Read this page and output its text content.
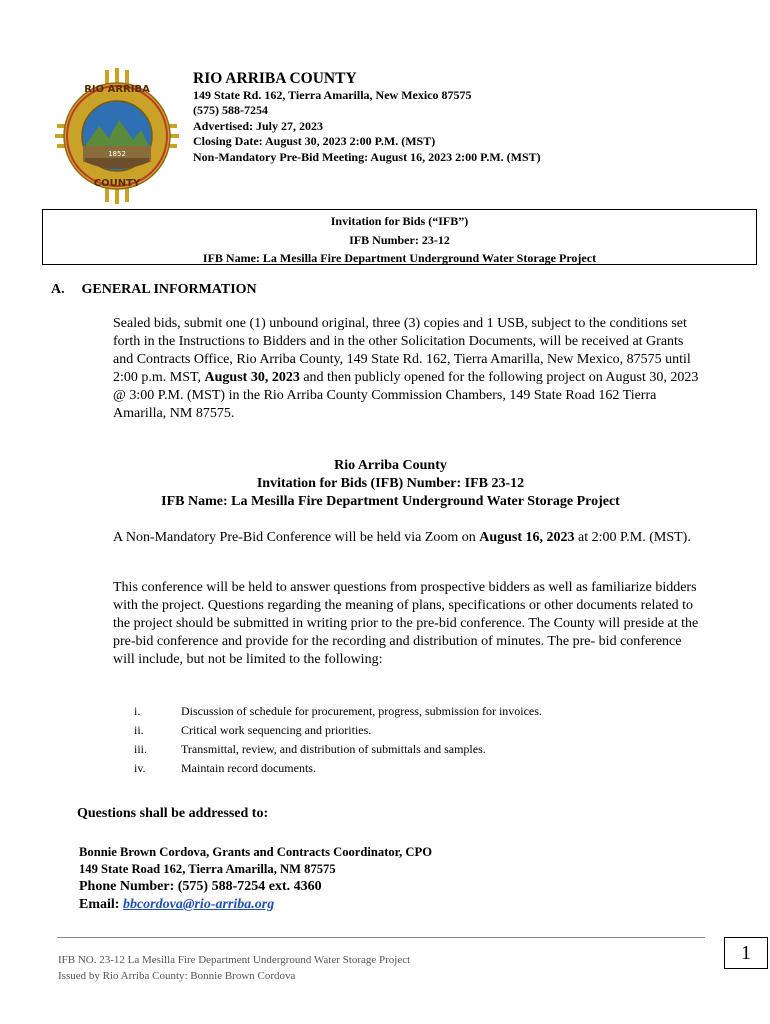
RIO ARRIBA
COUNTY
1852
RIO ARRIBA COUNTY
149 State Rd. 162, Tierra Amarilla, New Mexico 87575
(575) 588-7254
Advertised: July 27, 2023
Closing Date: August 30, 2023 2:00 P.M. (MST)
Non-Mandatory Pre-Bid Meeting: August 16, 2023 2:00 P.M. (MST)
Invitation for Bids (“IFB”)
IFB Number: 23-12
IFB Name: La Mesilla Fire Department Underground Water Storage Project
A. GENERAL INFORMATION
Sealed bids, submit one (1) unbound original, three (3) copies and 1 USB, subject to the conditions set forth in the Instructions to Bidders and in the other Solicitation Documents, will be received at Grants and Contracts Office, Rio Arriba County, 149 State Rd. 162, Tierra Amarilla, New Mexico, 87575 until 2:00 p.m. MST, August 30, 2023 and then publicly opened for the following project on August 30, 2023 @ 3:00 P.M. (MST) in the Rio Arriba County Commission Chambers, 149 State Road 162 Tierra Amarilla, NM 87575.
Rio Arriba County
Invitation for Bids (IFB) Number: IFB 23-12
IFB Name: La Mesilla Fire Department Underground Water Storage Project
A Non-Mandatory Pre-Bid Conference will be held via Zoom on August 16, 2023 at 2:00 P.M. (MST).
This conference will be held to answer questions from prospective bidders as well as familiarize bidders with the project. Questions regarding the meaning of plans, specifications or other documents related to the project should be submitted in writing prior to the pre-bid conference. The County will preside at the pre-bid conference and provide for the recording and distribution of minutes. The pre- bid conference will include, but not be limited to the following:
i.	Discussion of schedule for procurement, progress, submission for invoices.
ii.	Critical work sequencing and priorities.
iii.	Transmittal, review, and distribution of submittals and samples.
iv.	Maintain record documents.
Questions shall be addressed to:
Bonnie Brown Cordova, Grants and Contracts Coordinator, CPO
149 State Road 162, Tierra Amarilla, NM 87575
Phone Number: (575) 588-7254 ext. 4360
Email: bbcordova@rio-arriba.org
IFB NO. 23-12 La Mesilla Fire Department Underground Water Storage Project
Issued by Rio Arriba County: Bonnie Brown Cordova
1
